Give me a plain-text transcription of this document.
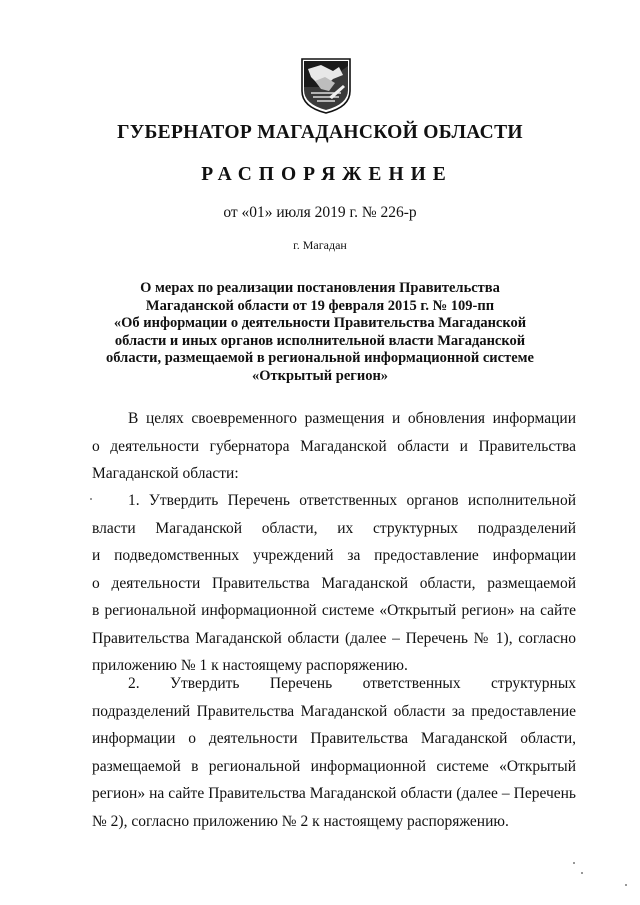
ГУБЕРНАТОР МАГАДАНСКОЙ ОБЛАСТИ
РАСПОРЯЖЕНИЕ
от «01» июля 2019 г. № 226-р
г. Магадан
О мерах по реализации постановления Правительства
Магаданской области от 19 февраля 2015 г. № 109-пп
«Об информации о деятельности Правительства Магаданской
области и иных органов исполнительной власти Магаданской
области, размещаемой в региональной информационной системе
«Открытый регион»
В целях своевременного размещения и обновления информации
о деятельности губернатора Магаданской области и Правительства
Магаданской области:
1. Утвердить Перечень ответственных органов исполнительной
власти Магаданской области, их структурных подразделений
и подведомственных учреждений за предоставление информации
о деятельности Правительства Магаданской области, размещаемой
в региональной информационной системе «Открытый регион» на сайте
Правительства Магаданской области (далее – Перечень № 1), согласно
приложению № 1 к настоящему распоряжению.
2. Утвердить Перечень ответственных структурных
подразделений Правительства Магаданской области за предоставление
информации о деятельности Правительства Магаданской области,
размещаемой в региональной информационной системе «Открытый
регион» на сайте Правительства Магаданской области (далее – Перечень
№ 2), согласно приложению № 2 к настоящему распоряжению.
